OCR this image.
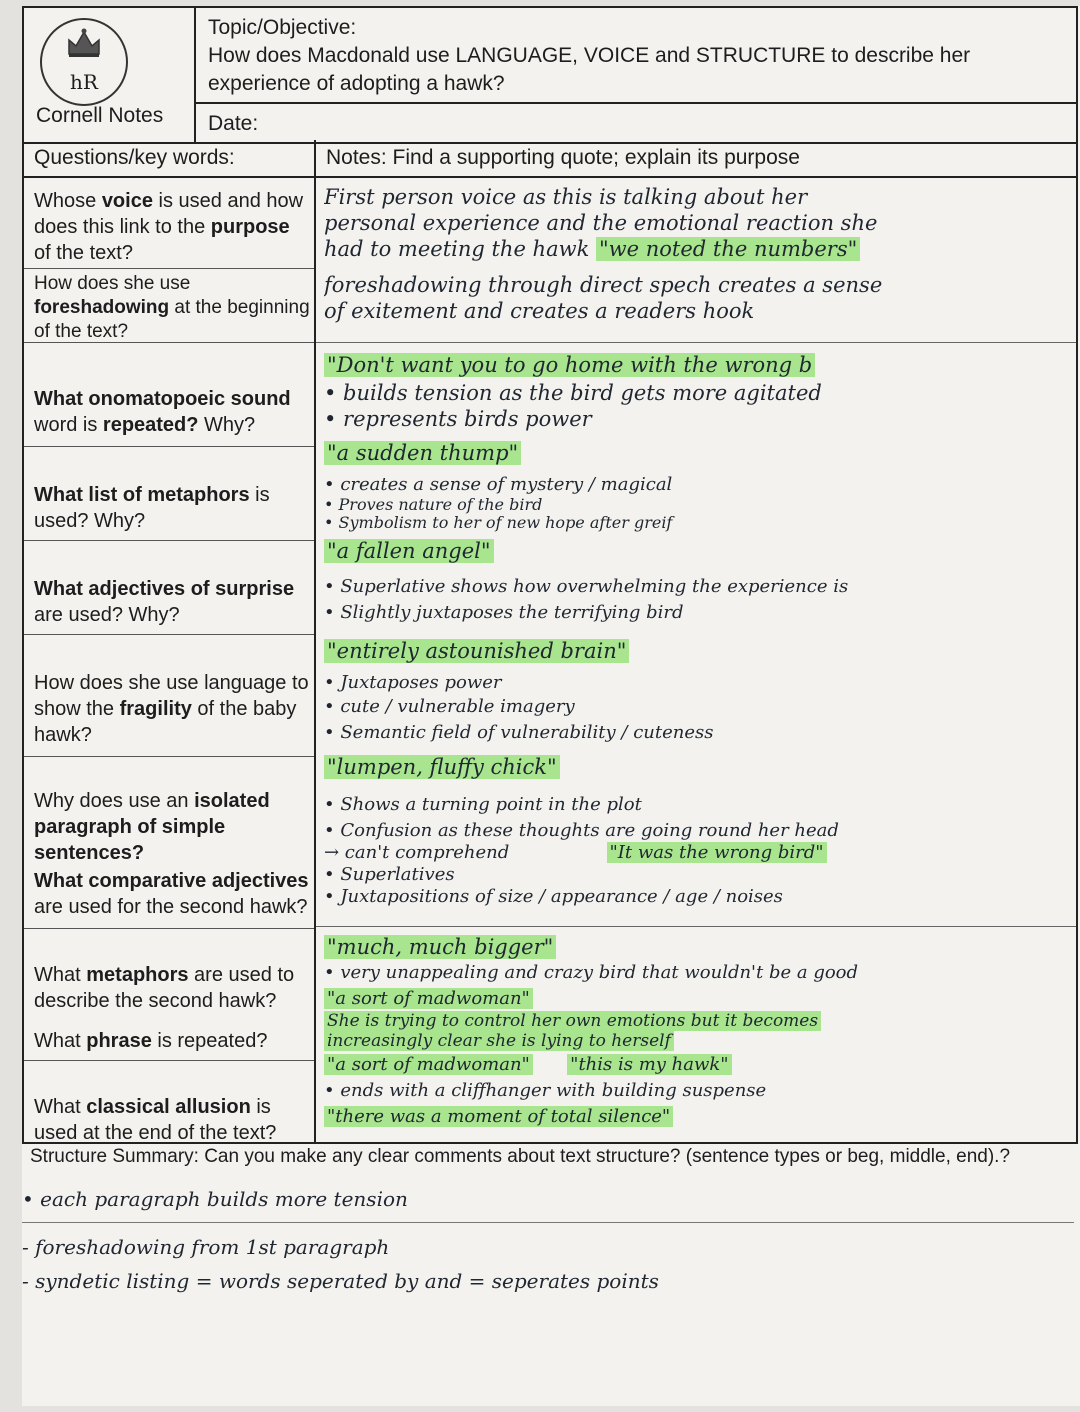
hR
Cornell Notes
Topic/Objective:
How does Macdonald use LANGUAGE, VOICE and STRUCTURE to describe her experience of adopting a hawk?
Date:
Questions/key words:
Whose voice is used and how does this link to the purpose of the text?
How does she use foreshadowing at the beginning of the text?
What onomatopoeic sound word is repeated? Why?
What list of metaphors is used? Why?
What adjectives of surprise are used? Why?
How does she use language to show the fragility of the baby hawk?
Why does use an isolated paragraph of simple sentences?
What comparative adjectives are used for the second hawk?
What metaphors are used to describe the second hawk?
What phrase is repeated?
What classical allusion is used at the end of the text?
Notes: Find a supporting quote; explain its purpose
First person voice as this is talking about her
personal experience and the emotional reaction she
had to meeting the hawk "we noted the numbers"
foreshadowing through direct spech creates a sense
of exitement and creates a readers hook
"Don't want you to go home with the wrong b
• builds tension as the bird gets more agitated
• represents birds power
"a sudden thump"
• creates a sense of mystery / magical
• Proves nature of the bird
• Symbolism to her of new hope after greif
"a fallen angel"
• Superlative shows how overwhelming the experience is
• Slightly juxtaposes the terrifying bird
"entirely astounished brain"
• Juxtaposes power
• cute / vulnerable imagery
• Semantic field of vulnerability / cuteness
"lumpen, fluffy chick"
• Shows a turning point in the plot
• Confusion as these thoughts are going round her head
→ can't comprehend	"It was the wrong bird"
• Superlatives
• Juxtapositions of size / appearance / age / noises
"much, much bigger"
• very unappealing and crazy bird that wouldn't be a good
"a sort of madwoman"
She is trying to control her own emotions but it becomes
increasingly clear she is lying to herself
"a sort of madwoman" "this is my hawk"
• ends with a cliffhanger with building suspense
"there was a moment of total silence"
Structure Summary: Can you make any clear comments about text structure? (sentence types or beg, middle, end).?
• each paragraph builds more tension
- foreshadowing from 1st paragraph
- syndetic listing = words seperated by and = seperates points
